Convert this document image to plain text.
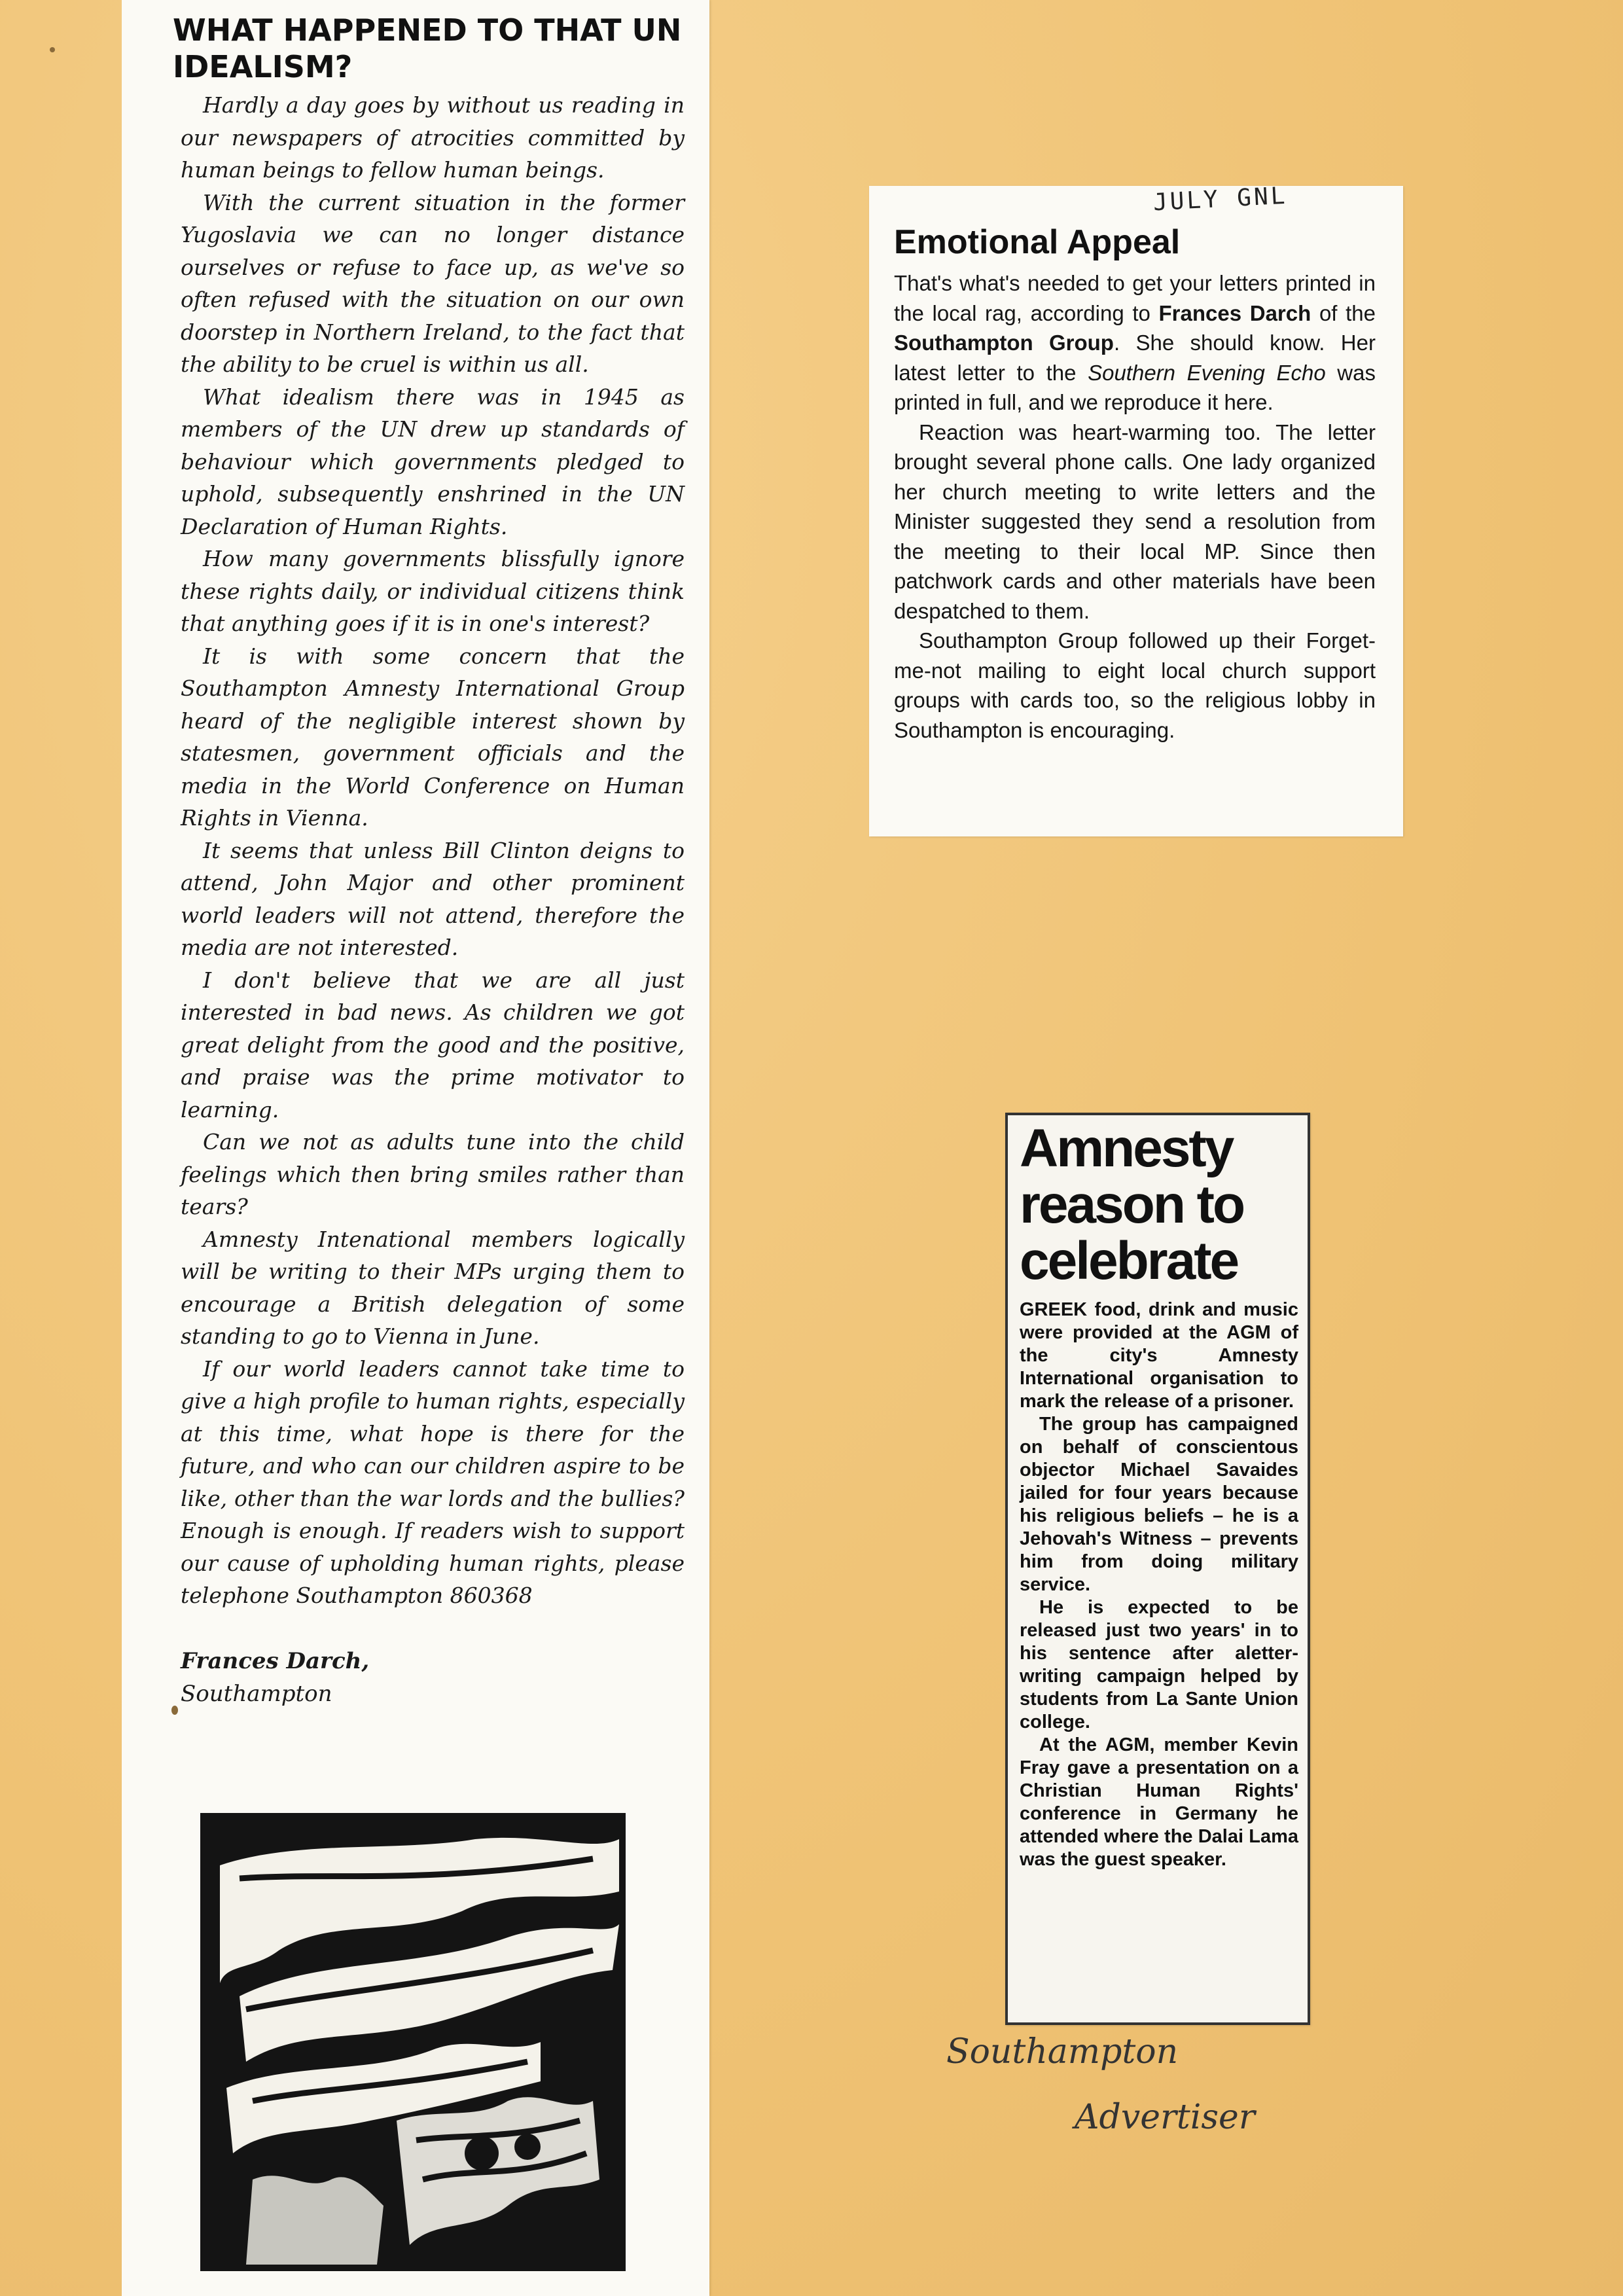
WHAT HAPPENED TO THAT UN IDEALISM?

Hardly a day goes by without us reading in our newspapers of atrocities committed by human beings to fellow human beings.

With the current situation in the former Yugoslavia we can no longer distance ourselves or refuse to face up, as we've so often refused with the situation on our own doorstep in Northern Ireland, to the fact that the ability to be cruel is within us all.

What idealism there was in 1945 as members of the UN drew up standards of behaviour which governments pledged to uphold, subsequently enshrined in the UN Declaration of Human Rights.

How many governments blissfully ignore these rights daily, or individual citizens think that anything goes if it is in one's interest?

It is with some concern that the Southampton Amnesty International Group heard of the negligible interest shown by statesmen, government officials and the media in the World Conference on Human Rights in Vienna.

It seems that unless Bill Clinton deigns to attend, John Major and other prominent world leaders will not attend, therefore the media are not interested.

I don't believe that we are all just interested in bad news. As children we got great delight from the good and the positive, and praise was the prime motivator to learning.

Can we not as adults tune into the child feelings which then bring smiles rather than tears?

Amnesty Intenational members logically will be writing to their MPs urging them to encourage a British delegation of some standing to go to Vienna in June.

If our world leaders cannot take time to give a high profile to human rights, especially at this time, what hope is there for the future, and who can our children aspire to be like, other than the war lords and the bullies? Enough is enough. If readers wish to support our cause of upholding human rights, please telephone Southampton 860368

Frances Darch,
Southampton
JULY GNL
Emotional Appeal

That's what's needed to get your letters printed in the local rag, according to Frances Darch of the Southampton Group. She should know. Her latest letter to the Southern Evening Echo was printed in full, and we reproduce it here.

Reaction was heart-warming too. The letter brought several phone calls. One lady organized her church meeting to write letters and the Minister suggested they send a resolution from the meeting to their local MP. Since then patchwork cards and other materials have been despatched to them.

Southampton Group followed up their Forget-me-not mailing to eight local church support groups with cards too, so the religious lobby in Southampton is encouraging.

Amnesty reason to celebrate

GREEK food, drink and music were provided at the AGM of the city's Amnesty International organisation to mark the release of a prisoner.

The group has campaigned on behalf of conscientous objector Michael Savaides jailed for four years because his religious beliefs – he is a Jehovah's Witness – prevents him from doing military service.

He is expected to be released just two years' in to his sentence after aletter-writing campaign helped by students from La Sante Union college.

At the AGM, member Kevin Fray gave a presentation on a Christian Human Rights' conference in Germany he attended where the Dalai Lama was the guest speaker.

Southampton
Advertiser
